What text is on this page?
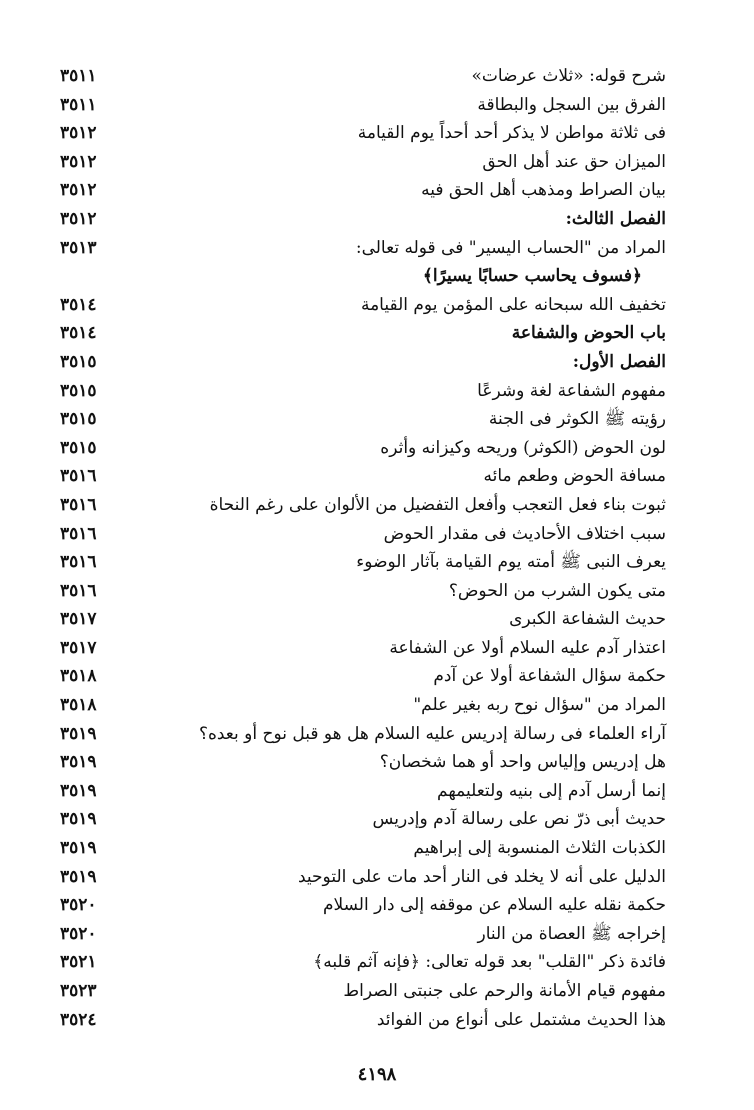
شرح قوله: «ثلاث عرضات»
٣٥١١
الفرق بين السجل والبطاقة
٣٥١١
فى ثلاثة مواطن لا يذكر أحد أحداً يوم القيامة
٣٥١٢
الميزان حق عند أهل الحق
٣٥١٢
بيان الصراط ومذهب أهل الحق فيه
٣٥١٢
الفصل الثالث:
٣٥١٢
المراد من "الحساب اليسير" فى قوله تعالى:
٣٥١٣
﴿فسوف يحاسب حسابًا يسيرًا﴾
تخفيف الله سبحانه على المؤمن يوم القيامة
٣٥١٤
باب الحوض والشفاعة
٣٥١٤
الفصل الأول:
٣٥١٥
مفهوم الشفاعة لغة وشرعًا
٣٥١٥
رؤيته ﷺ الكوثر فى الجنة
٣٥١٥
لون الحوض (الكوثر) وريحه وكيزانه وأثره
٣٥١٥
مسافة الحوض وطعم مائه
٣٥١٦
ثبوت بناء فعل التعجب وأفعل التفضيل من الألوان على رغم النحاة
٣٥١٦
سبب اختلاف الأحاديث فى مقدار الحوض
٣٥١٦
يعرف النبى ﷺ أمته يوم القيامة بآثار الوضوء
٣٥١٦
متى يكون الشرب من الحوض؟
٣٥١٦
حديث الشفاعة الكبرى
٣٥١٧
اعتذار آدم عليه السلام أولا عن الشفاعة
٣٥١٧
حكمة سؤال الشفاعة أولا عن آدم
٣٥١٨
المراد من "سؤال نوح ربه بغير علم"
٣٥١٨
آراء العلماء فى رسالة إدريس عليه السلام هل هو قبل نوح أو بعده؟
٣٥١٩
هل إدريس وإلياس واحد أو هما شخصان؟
٣٥١٩
إنما أرسل آدم إلى بنيه ولتعليمهم
٣٥١٩
حديث أبى ذرّ نص على رسالة آدم وإدريس
٣٥١٩
الكذبات الثلاث المنسوبة إلى إبراهيم
٣٥١٩
الدليل على أنه لا يخلد فى النار أحد مات على التوحيد
٣٥١٩
حكمة نقله عليه السلام عن موقفه إلى دار السلام
٣٥٢٠
إخراجه ﷺ العصاة من النار
٣٥٢٠
فائدة ذكر "القلب" بعد قوله تعالى: ﴿فإنه آثم قلبه﴾
٣٥٢١
مفهوم قيام الأمانة والرحم على جنبتى الصراط
٣٥٢٣
هذا الحديث مشتمل على أنواع من الفوائد
٣٥٢٤
٤١٩٨
